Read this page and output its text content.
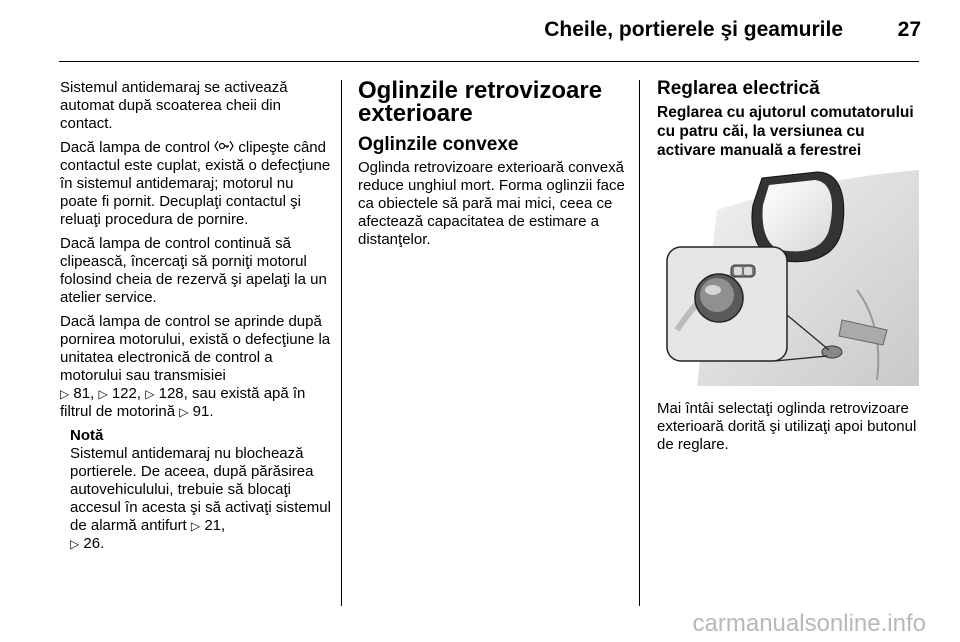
Cheile, portierele şi geamurile	27

Sistemul antidemaraj se activează automat după scoaterea cheii din contact.

Dacă lampa de control  clipeşte când contactul este cuplat, există o defecţiune în sistemul antidemaraj; motorul nu poate fi pornit. Decuplaţi contactul şi reluaţi procedura de pornire.

Dacă lampa de control continuă să clipească, încercaţi să porniţi motorul folosind cheia de rezervă şi apelaţi la un atelier service.

Dacă lampa de control se aprinde după pornirea motorului, există o defecţiune la unitatea electronică de control a motorului sau transmisiei
▷ 81, ▷ 122, ▷ 128, sau există apă în filtrul de motorină ▷ 91.

Notă
Sistemul antidemaraj nu blochează portierele. De aceea, după părăsirea autovehiculului, trebuie să blocaţi accesul în acesta şi să activaţi sistemul de alarmă antifurt ▷ 21,
▷ 26.
Oglinzile retrovizoare exterioare
Oglinzile convexe

Oglinda retrovizoare exterioară convexă reduce unghiul mort. Forma oglinzii face ca obiectele să pară mai mici, ceea ce afectează capacitatea de estimare a distanţelor.

Reglarea electrică
Reglarea cu ajutorul comutatorului cu patru căi, la versiunea cu activare manuală a ferestrei

Mai întâi selectaţi oglinda retrovizoare exterioară dorită şi utilizaţi apoi butonul de reglare.

carmanualsonline.info
